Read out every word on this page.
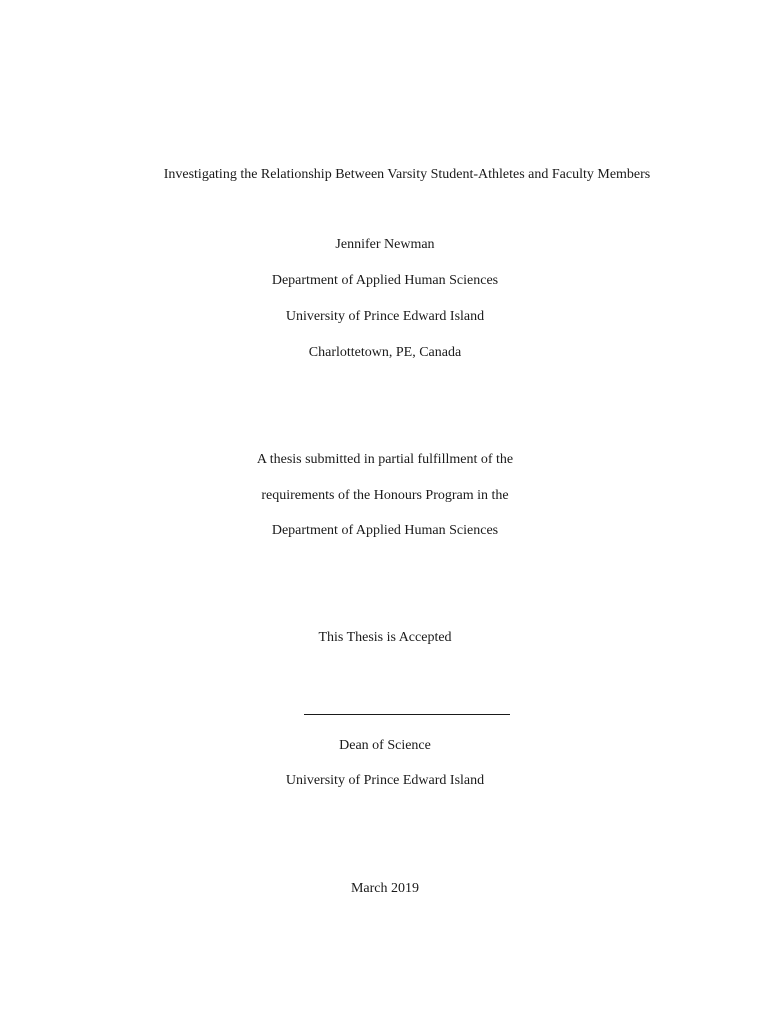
Investigating the Relationship Between Varsity Student-Athletes and Faculty Members
Jennifer Newman
Department of Applied Human Sciences
University of Prince Edward Island
Charlottetown, PE, Canada
A thesis submitted in partial fulfillment of the
requirements of the Honours Program in the
Department of Applied Human Sciences
This Thesis is Accepted
Dean of Science
University of Prince Edward Island
March 2019
